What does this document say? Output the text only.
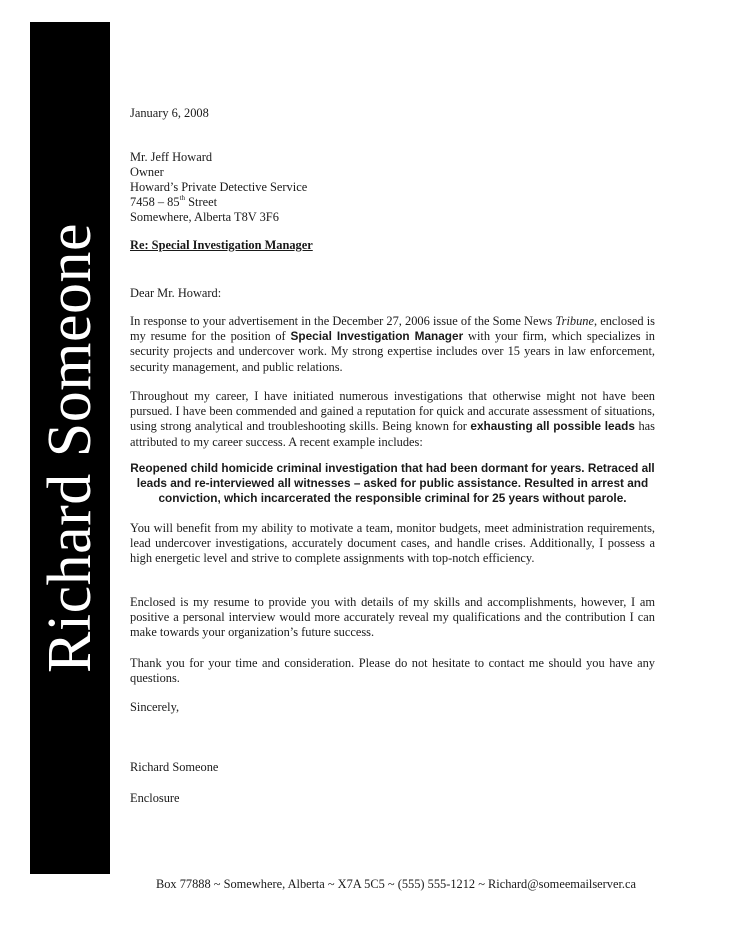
Richard Someone
January 6, 2008
Mr. Jeff Howard
Owner
Howard’s Private Detective Service
7458 – 85th Street
Somewhere, Alberta T8V 3F6
Re: Special Investigation Manager
Dear Mr. Howard:

In response to your advertisement in the December 27, 2006 issue of the Some News Tribune, enclosed is my resume for the position of Special Investigation Manager with your firm, which specializes in security projects and undercover work. My strong expertise includes over 15 years in law enforcement, security management, and public relations.

Throughout my career, I have initiated numerous investigations that otherwise might not have been pursued. I have been commended and gained a reputation for quick and accurate assessment of situations, using strong analytical and troubleshooting skills. Being known for exhausting all possible leads has attributed to my career success. A recent example includes:

Reopened child homicide criminal investigation that had been dormant for years. Retraced all leads and re-interviewed all witnesses – asked for public assistance. Resulted in arrest and conviction, which incarcerated the responsible criminal for 25 years without parole.

You will benefit from my ability to motivate a team, monitor budgets, meet administration requirements, lead undercover investigations, accurately document cases, and handle crises. Additionally, I possess a high energetic level and strive to complete assignments with top-notch efficiency.

Enclosed is my resume to provide you with details of my skills and accomplishments, however, I am positive a personal interview would more accurately reveal my qualifications and the contribution I can make towards your organization’s future success.

Thank you for your time and consideration. Please do not hesitate to contact me should you have any questions.

Sincerely,
Richard Someone
Enclosure
Box 77888 ~ Somewhere, Alberta ~ X7A 5C5 ~ (555) 555-1212 ~ Richard@someemailserver.ca
